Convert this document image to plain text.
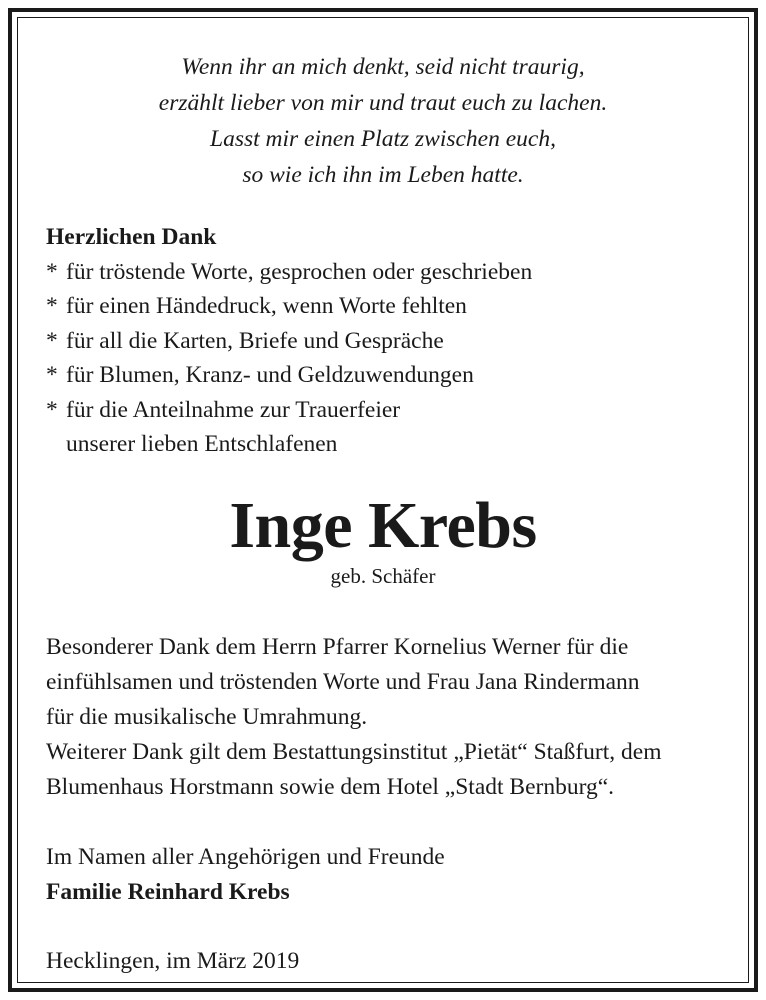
Wenn ihr an mich denkt, seid nicht traurig,
erzählt lieber von mir und traut euch zu lachen.
Lasst mir einen Platz zwischen euch,
so wie ich ihn im Leben hatte.
Herzlichen Dank
* für tröstende Worte, gesprochen oder geschrieben
* für einen Händedruck, wenn Worte fehlten
* für all die Karten, Briefe und Gespräche
* für Blumen, Kranz- und Geldzuwendungen
* für die Anteilnahme zur Trauerfeier
unserer lieben Entschlafenen
Inge Krebs
geb. Schäfer
Besonderer Dank dem Herrn Pfarrer Kornelius Werner für die
einfühlsamen und tröstenden Worte und Frau Jana Rindermann
für die musikalische Umrahmung.
Weiterer Dank gilt dem Bestattungsinstitut „Pietät“ Staßfurt, dem
Blumenhaus Horstmann sowie dem Hotel „Stadt Bernburg“.
Im Namen aller Angehörigen und Freunde
Familie Reinhard Krebs
Hecklingen, im März 2019
